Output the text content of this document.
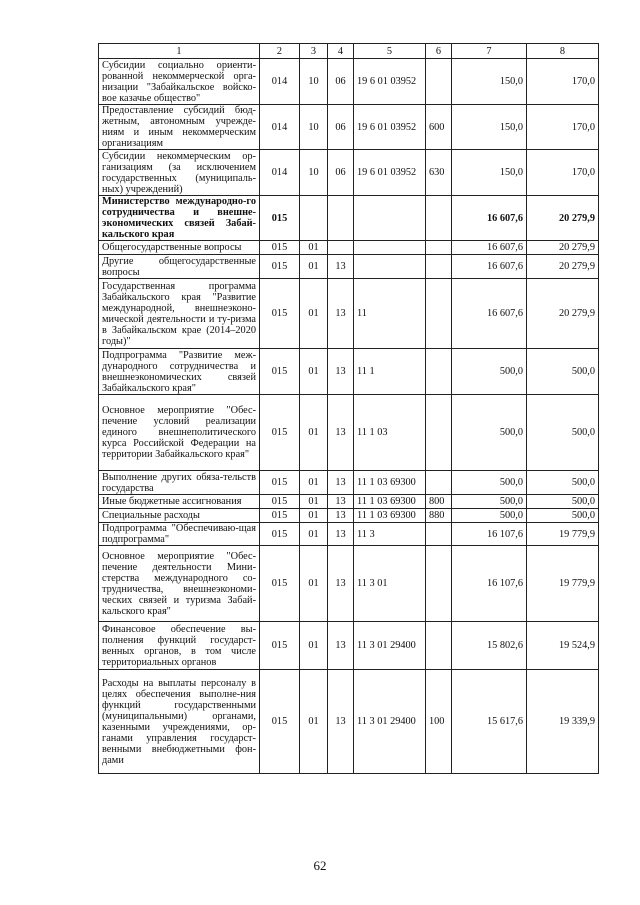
1	2	3	4	5	6	7	8
Субсидии социально ориенти-рованной некоммерческой орга-низации "Забайкальское войско-вое казачье общество"	014	10	06	19 6 01 03952		150,0	170,0
Предоставление субсидий бюд-жетным, автономным учрежде-ниям и иным некоммерческим организациям	014	10	06	19 6 01 03952	600	150,0	170,0
Субсидии некоммерческим ор-ганизациям (за исключением государственных (муниципаль-ных) учреждений)	014	10	06	19 6 01 03952	630	150,0	170,0
Министерство международно-го сотрудничества и внешне-экономических связей Забай-кальского края	015					16 607,6	20 279,9
Общегосударственные вопросы	015	01				16 607,6	20 279,9
Другие общегосударственные вопросы	015	01	13			16 607,6	20 279,9
Государственная программа Забайкальского края "Развитие международной, внешнеэконо-мической деятельности и ту-ризма в Забайкальском крае (2014–2020 годы)"	015	01	13	11		16 607,6	20 279,9
Подпрограмма "Развитие меж-дународного сотрудничества и внешнеэкономических связей Забайкальского края"	015	01	13	11 1		500,0	500,0
Основное мероприятие "Обес-печение условий реализации единого внешнеполитического курса Российской Федерации на территории Забайкальского края"	015	01	13	11 1 03		500,0	500,0
Выполнение других обяза-тельств государства	015	01	13	11 1 03 69300		500,0	500,0
Иные бюджетные ассигнования	015	01	13	11 1 03 69300	800	500,0	500,0
Специальные расходы	015	01	13	11 1 03 69300	880	500,0	500,0
Подпрограмма "Обеспечиваю-щая подпрограмма"	015	01	13	11 3		16 107,6	19 779,9
Основное мероприятие "Обес-печение деятельности Мини-стерства международного со-трудничества, внешнеэкономи-ческих связей и туризма Забай-кальского края"	015	01	13	11 3 01		16 107,6	19 779,9
Финансовое обеспечение вы-полнения функций государст-венных органов, в том числе территориальных органов	015	01	13	11 3 01 29400		15 802,6	19 524,9
Расходы на выплаты персоналу в целях обеспечения выполне-ния функций государственными (муниципальными) органами, казенными учреждениями, ор-ганами управления государст-венными внебюджетными фон-дами	015	01	13	11 3 01 29400	100	15 617,6	19 339,9
62
